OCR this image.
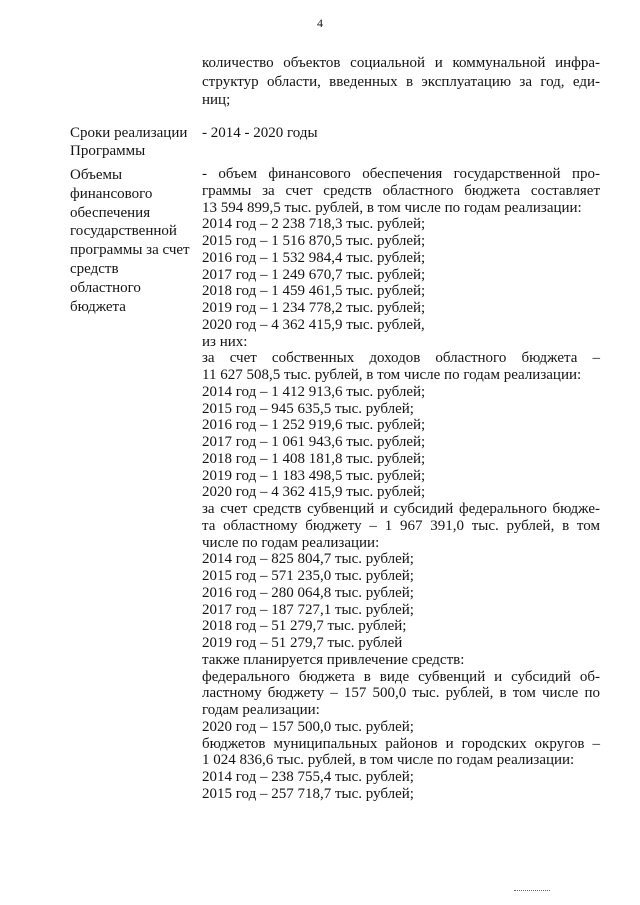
4
количество объектов социальной и коммунальной инфра-
структур области, введенных в эксплуатацию за год, еди-
ниц;
Сроки реализации
Программы
- 2014 - 2020 годы
Объемы
финансового
обеспечения
государственной
программы за счет
средств
областного
бюджета
- объем финансового обеспечения государственной про-
граммы за счет средств областного бюджета составляет
13 594 899,5 тыс. рублей, в том числе по годам реализации:
2014 год – 2 238 718,3 тыс. рублей;
2015 год – 1 516 870,5 тыс. рублей;
2016 год – 1 532 984,4 тыс. рублей;
2017 год – 1 249 670,7 тыс. рублей;
2018 год – 1 459 461,5 тыс. рублей;
2019 год – 1 234 778,2 тыс. рублей;
2020 год – 4 362 415,9 тыс. рублей,
из них:
за счет собственных доходов областного бюджета –
11 627 508,5 тыс. рублей, в том числе по годам реализации:
2014 год – 1 412 913,6 тыс. рублей;
2015 год – 945 635,5 тыс. рублей;
2016 год – 1 252 919,6 тыс. рублей;
2017 год – 1 061 943,6 тыс. рублей;
2018 год – 1 408 181,8 тыс. рублей;
2019 год – 1 183 498,5 тыс. рублей;
2020 год – 4 362 415,9 тыс. рублей;
за счет средств субвенций и субсидий федерального бюдже-
та областному бюджету – 1 967 391,0 тыс. рублей, в том
числе по годам реализации:
2014 год – 825 804,7 тыс. рублей;
2015 год – 571 235,0 тыс. рублей;
2016 год – 280 064,8 тыс. рублей;
2017 год – 187 727,1 тыс. рублей;
2018 год – 51 279,7 тыс. рублей;
2019 год – 51 279,7 тыс. рублей
также планируется привлечение средств:
федерального бюджета в виде субвенций и субсидий об-
ластному бюджету – 157 500,0 тыс. рублей, в том числе по
годам реализации:
2020 год – 157 500,0 тыс. рублей;
бюджетов муниципальных районов и городских округов –
1 024 836,6 тыс. рублей, в том числе по годам реализации:
2014 год – 238 755,4 тыс. рублей;
2015 год – 257 718,7 тыс. рублей;
